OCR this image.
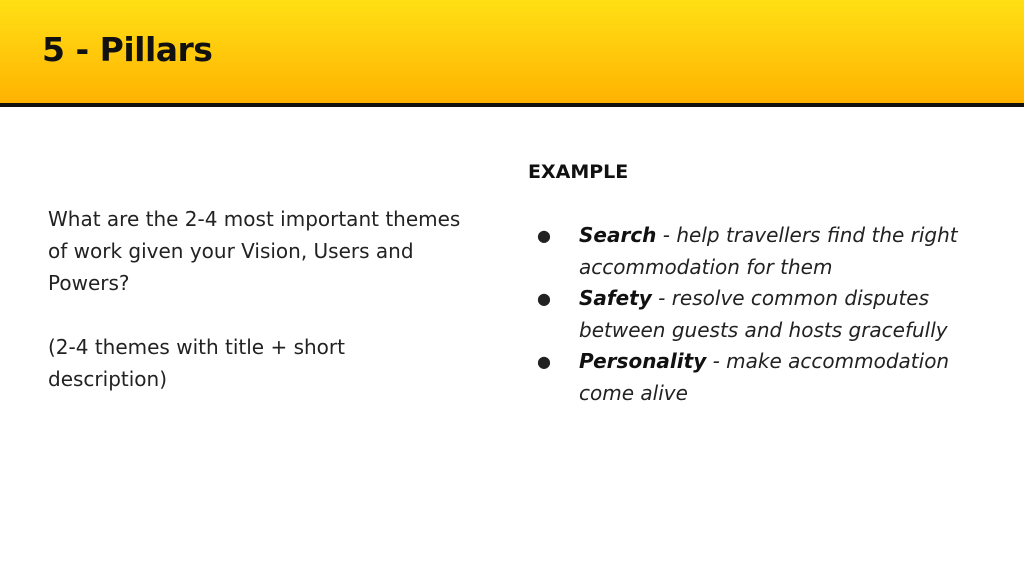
5 - Pillars

What are the 2-4 most important themes of work given your Vision, Users and Powers?

(2-4 themes with title + short description)

EXAMPLE
● Search - help travellers find the right accommodation for them
● Safety - resolve common disputes between guests and hosts gracefully
● Personality - make accommodation come alive
